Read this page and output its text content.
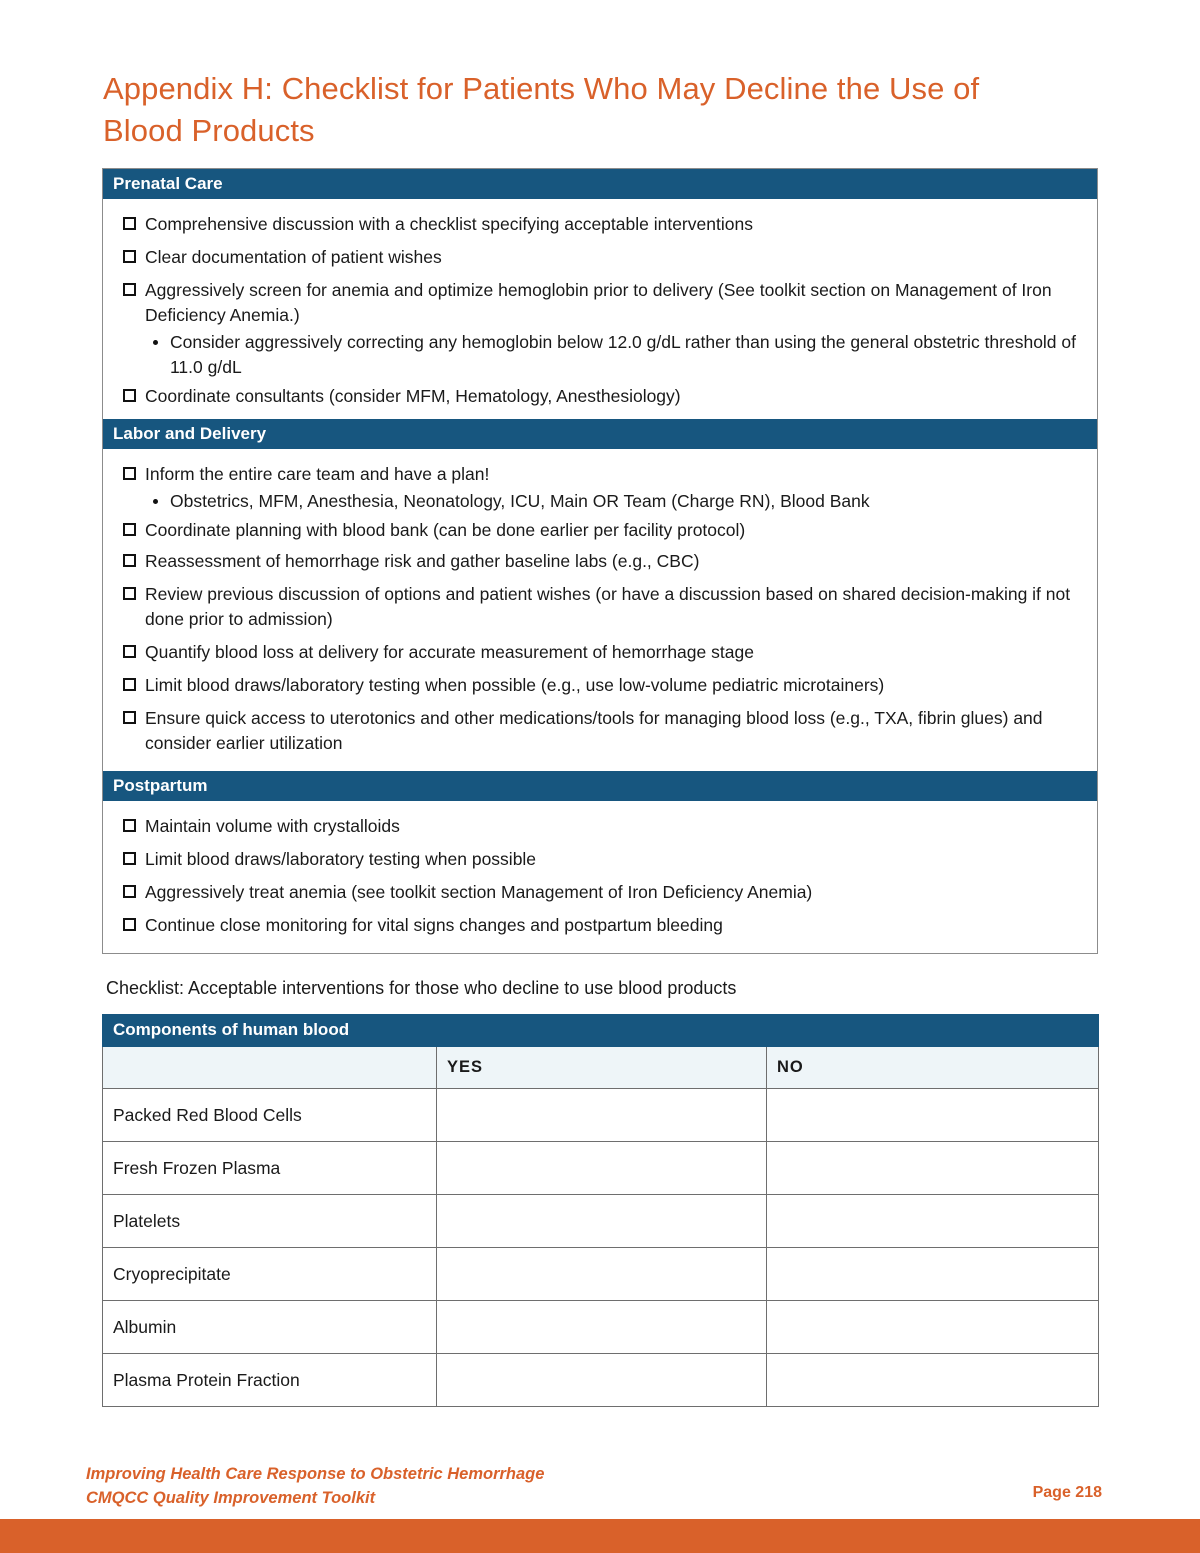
Appendix H: Checklist for Patients Who May Decline the Use of Blood Products
Prenatal Care
Comprehensive discussion with a checklist specifying acceptable interventions
Clear documentation of patient wishes
Aggressively screen for anemia and optimize hemoglobin prior to delivery (See toolkit section on Management of Iron Deficiency Anemia.)
Consider aggressively correcting any hemoglobin below 12.0 g/dL rather than using the general obstetric threshold of 11.0 g/dL
Coordinate consultants (consider MFM, Hematology, Anesthesiology)
Labor and Delivery
Inform the entire care team and have a plan!
Obstetrics, MFM, Anesthesia, Neonatology, ICU, Main OR Team (Charge RN), Blood Bank
Coordinate planning with blood bank (can be done earlier per facility protocol)
Reassessment of hemorrhage risk and gather baseline labs (e.g., CBC)
Review previous discussion of options and patient wishes (or have a discussion based on shared decision-making if not done prior to admission)
Quantify blood loss at delivery for accurate measurement of hemorrhage stage
Limit blood draws/laboratory testing when possible (e.g., use low-volume pediatric microtainers)
Ensure quick access to uterotonics and other medications/tools for managing blood loss (e.g., TXA, fibrin glues) and consider earlier utilization
Postpartum
Maintain volume with crystalloids
Limit blood draws/laboratory testing when possible
Aggressively treat anemia (see toolkit section Management of Iron Deficiency Anemia)
Continue close monitoring for vital signs changes and postpartum bleeding
Checklist: Acceptable interventions for those who decline to use blood products
Components of human blood		
	YES	NO
Packed Red Blood Cells		
Fresh Frozen Plasma		
Platelets		
Cryoprecipitate		
Albumin		
Plasma Protein Fraction		
Improving Health Care Response to Obstetric Hemorrhage
CMQCC Quality Improvement Toolkit	Page 218
